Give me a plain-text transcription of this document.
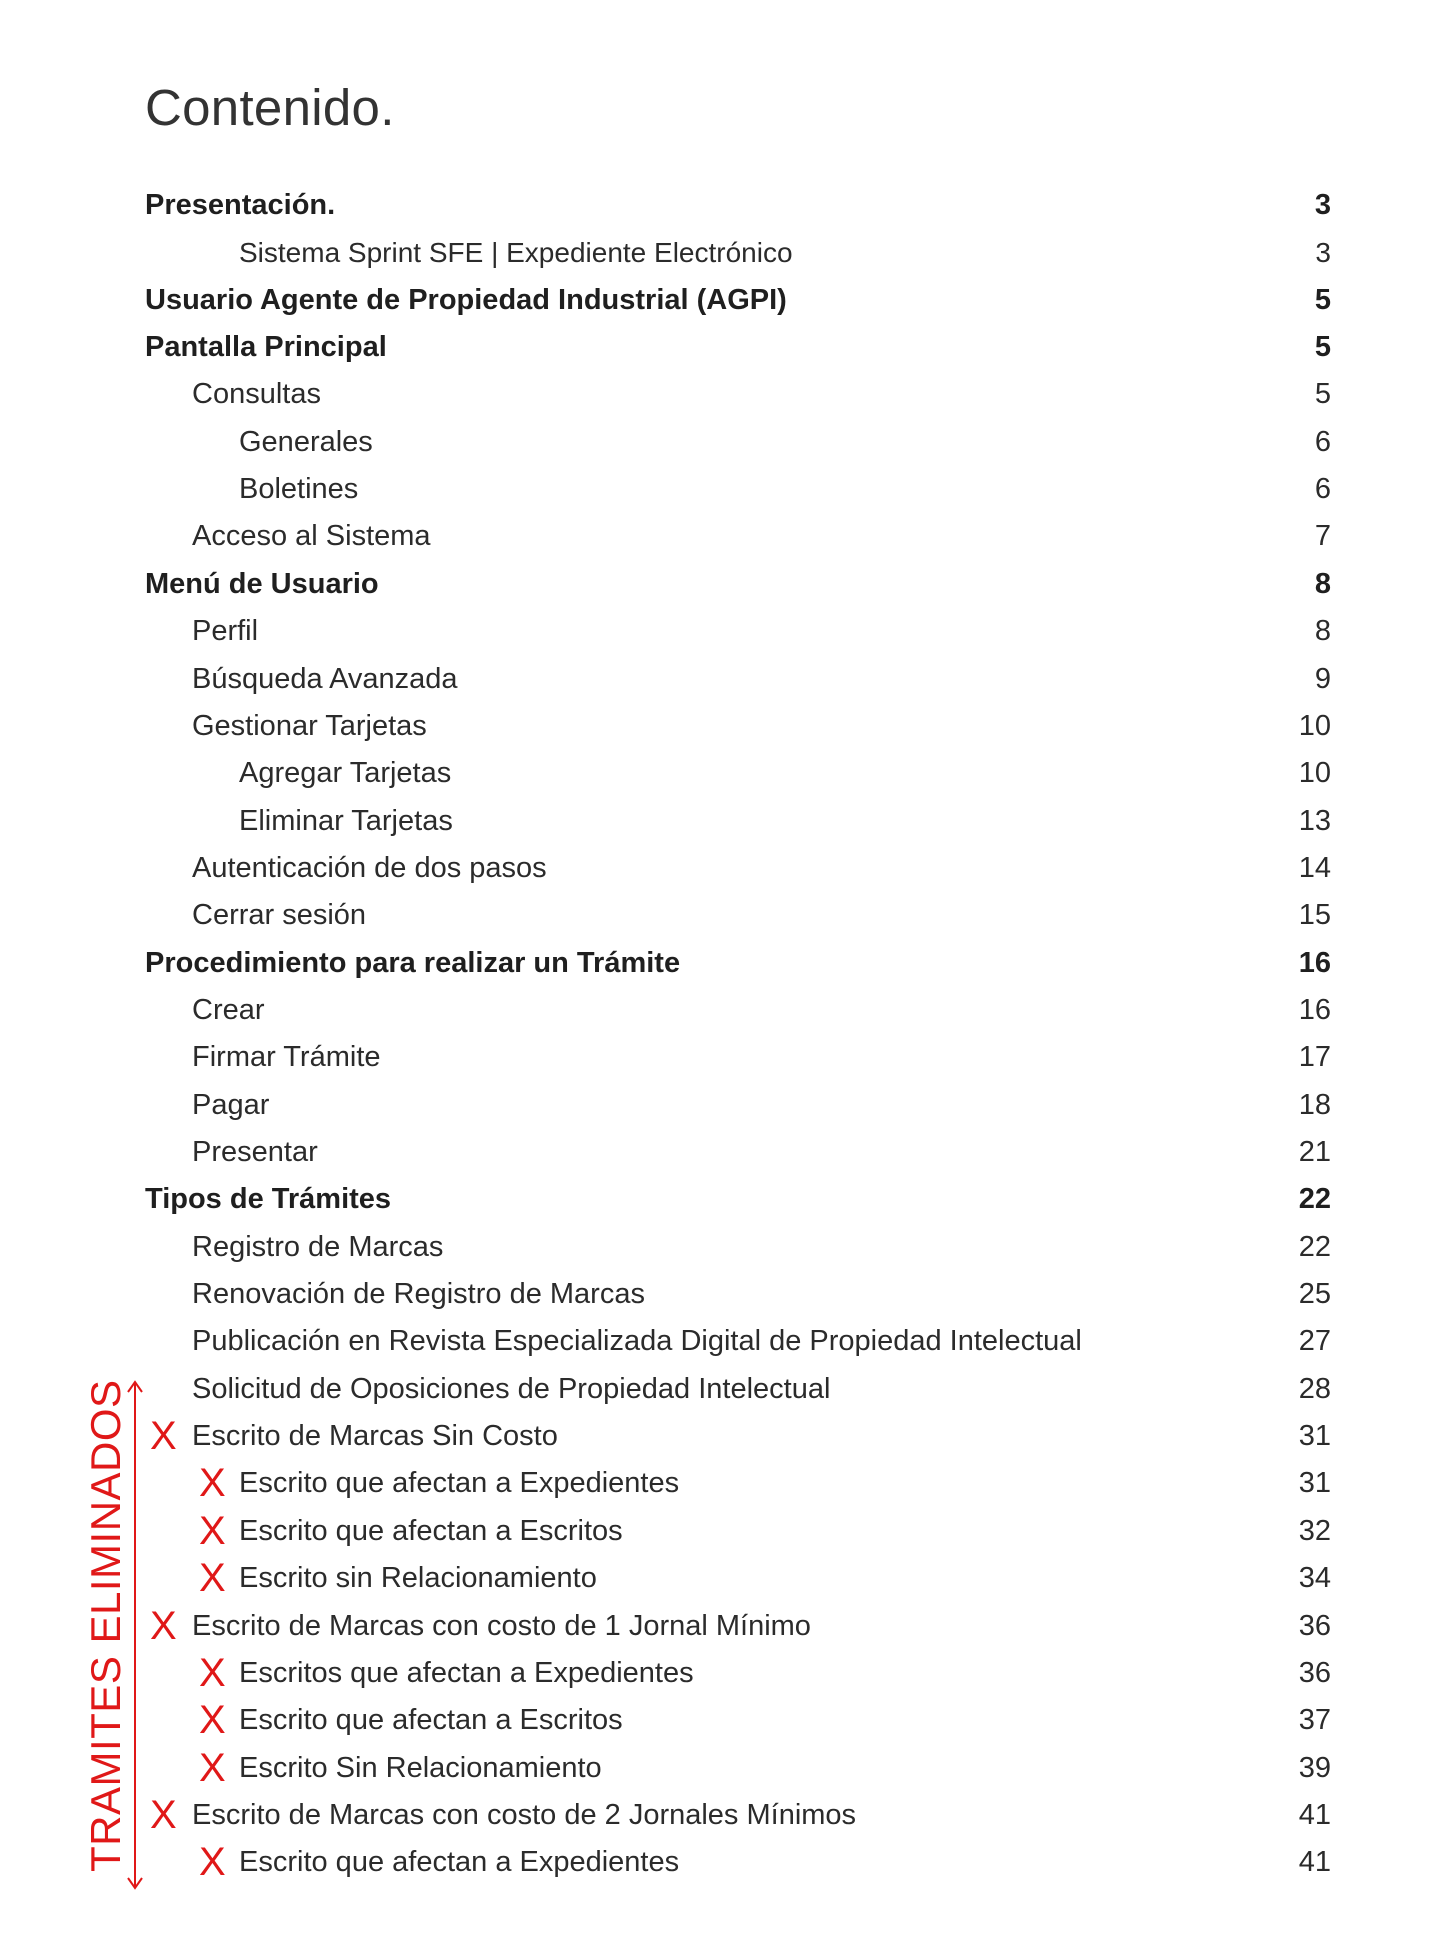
Contenido.
Presentación.	3
Sistema Sprint SFE | Expediente Electrónico	3
Usuario Agente de Propiedad Industrial (AGPI)	5
Pantalla Principal	5
Consultas	5
Generales	6
Boletines	6
Acceso al Sistema	7
Menú de Usuario	8
Perfil	8
Búsqueda Avanzada	9
Gestionar Tarjetas	10
Agregar Tarjetas	10
Eliminar Tarjetas	13
Autenticación de dos pasos	14
Cerrar sesión	15
Procedimiento para realizar un Trámite	16
Crear	16
Firmar Trámite	17
Pagar	18
Presentar	21
Tipos de Trámites	22
Registro de Marcas	22
Renovación de Registro de Marcas	25
Publicación en Revista Especializada Digital de Propiedad Intelectual	27
Solicitud de Oposiciones de Propiedad Intelectual	28
X Escrito de Marcas Sin Costo	31
X Escrito que afectan a Expedientes	31
X Escrito que afectan a Escritos	32
X Escrito sin Relacionamiento	34
X Escrito de Marcas con costo de 1 Jornal Mínimo	36
X Escritos que afectan a Expedientes	36
X Escrito que afectan a Escritos	37
X Escrito Sin Relacionamiento	39
X Escrito de Marcas con costo de 2 Jornales Mínimos	41
X Escrito que afectan a Expedientes	41
TRAMITES ELIMINADOS
